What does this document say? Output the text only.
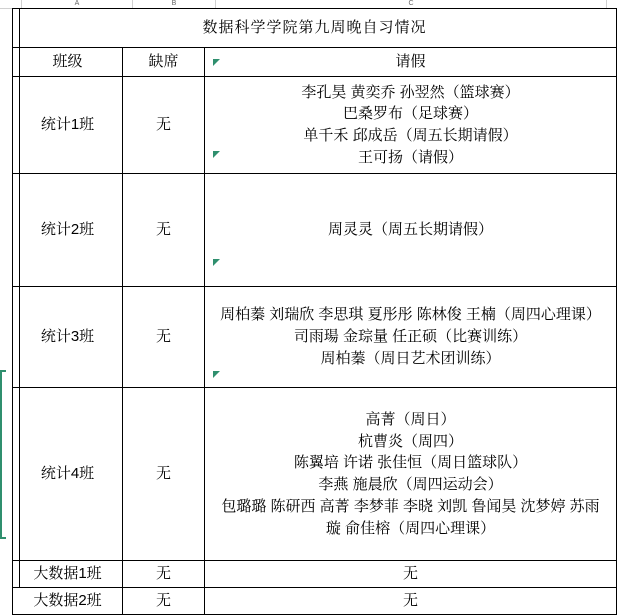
A	B	C
数据科学学院第九周晚自习情况		
班级	缺席	请假
统计1班	无	李孔昊 黄奕乔 孙翌然（篮球赛）
巴桑罗布（足球赛）
单千禾 邱成岳（周五长期请假）
王可扬（请假）

统计2班	无	周灵灵（周五长期请假）

统计3班	无	周柏蓁 刘瑞欣 李思琪 夏彤彤 陈林俊 王楠（周四心理课）
司雨瑒 金琮量 任正硕（比赛训练）
周柏蓁（周日艺术团训练）

统计4班	无	高菁（周日）
杭曹炎（周四）
陈翼培 许诺 张佳恒（周日篮球队）
李燕 施晨欣（周四运动会）
包璐璐 陈研西 高菁 李梦菲 李晓 刘凯 鲁闻昊 沈梦婷 苏雨璇 俞佳榕（周四心理课）

大数据1班	无	无
大数据2班	无	无
